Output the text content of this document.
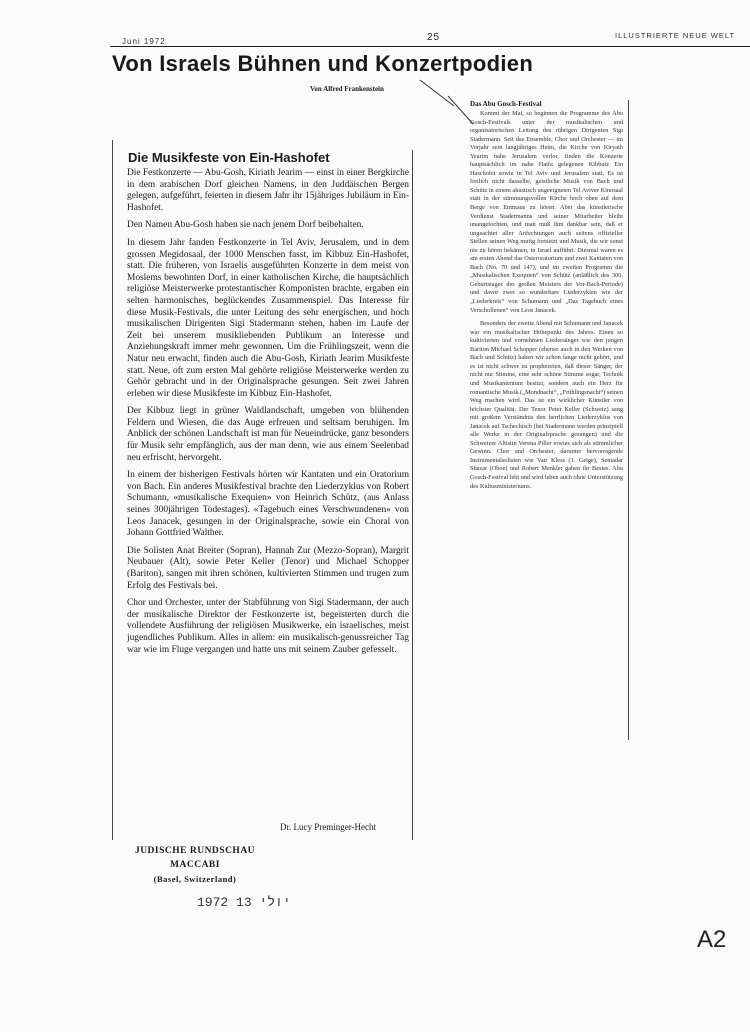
Juni 1972	25	ILLUSTRIERTE NEUE WELT
Von Israels Bühnen und Konzertpodien
Von Alfred Frankenstein
Die Musikfeste von Ein-Hashofet

Die Festkonzerte — Abu-Gosh, Kiriath Jearim — einst in einer Bergkirche in dem arabischen Dorf gleichen Namens, in den Juddäischen Bergen gelegen, aufgeführt, feierten in diesem Jahr ihr 15jähriges Jubiläum in Ein-Hashofet.

Den Namen Abu-Gosh haben sie nach jenem Dorf beibehalten.

In diesem Jahr fanden Festkonzerte in Tel Aviv, Jerusalem, und in dem grossen Megidosaal, der 1000 Menschen fasst, im Kibbuz Ein-Hashofet, statt. Die früheren, von Israelis ausgeführten Konzerte in dem meist von Moslems bewohnten Dorf, in einer katholischen Kirche, die hauptsächlich religiöse Meisterwerke protestantischer Komponisten brachte, ergaben ein selten harmonisches, beglückendes Zusammenspiel. Das Interesse für diese Musik-Festivals, die unter Leitung des sehr energischen, und hoch musikalischen Dirigenten Sigi Stadermann stehen, haben im Laufe der Zeit bei unserem musikliebenden Publikum an Interesse und Anziehungskraft immer mehr gewonnen. Um die Frühlingszeit, wenn die Natur neu erwacht, finden auch die Abu-Gosh, Kiriath Jearim Musikfeste statt. Neue, oft zum ersten Mal gehörte religiöse Meisterwerke werden zu Gehör gebracht und in der Originalsprache gesungen. Seit zwei Jahren erleben wir diese Musikfeste im Kibbuz Ein-Hashofet.

Der Kibbuz liegt in grüner Waldlandschaft, umgeben von blühenden Feldern und Wiesen, die das Auge erfreuen und seltsam beruhigen. Im Anblick der schönen Landschaft ist man für Neueindrücke, ganz besonders für Musik sehr empfänglich, aus der man denn, wie aus einem Seelenbad neu erfrischt, hervorgeht.

In einem der bisherigen Festivals hörten wir Kantaten und ein Oratorium von Bach. Ein anderes Musikfestival brachte den Liederzyklus von Robert Schumann, «musikalische Exequien» von Heinrich Schütz, (aus Anlass seines 300jährigen Todestages). «Tagebuch eines Verschwundenen» von Leos Janacek, gesungen in der Originalsprache, sowie ein Choral von Johann Gottfried Walther.

Die Solisten Anat Breiter (Sopran), Hannah Zur (Mezzo-Sopran), Margrit Neubauer (Alt), sowie Peter Keller (Tenor) und Michael Schopper (Bariton), sangen mit ihren schönen, kultivierten Stimmen und trugen zum Erfolg des Festivals bei.

Chor und Orchester, unter der Stabführung von Sigi Stadermann, der auch der musikalische Direktor der Festkonzerte ist, begeisterten durch die vollendete Ausführung der religiösen Musikwerke, ein israelisches, meist jugendliches Publikum. Alles in allem: ein musikalisch-genussreicher Tag war wie im Fluge vergangen und hatte uns mit seinem Zauber gefesselt.

Dr. Lucy Preminger-Hecht
JUDISCHE RUNDSCHAU
MACCABI
(Basel, Switzerland)
1972 יולי 13
Das Abu Gosch-Festival

Kommt der Mai, so beginnen die Programme des Abu Gosch-Festivals unter der musikalischen und organisatorischen Leitung des rührigen Dirigenten Sigi Stadermann. Seit das Ensemble, Chor und Orchester — im Vorjahr sein langjähriges Heim, die Kirche von Kiryath Yearim nahe Jerusalem verlor, finden die Konzerte hauptsächlich im nahe Haifa gelegenen Kibbutz Ein Haschofet sowie in Tel Aviv und Jerusalem statt. Es ist freilich nicht dasselbe, geistliche Musik von Bach und Schütz in einem akustisch ungeeigneten Tel Aviver Kinosaal statt in der stimmungsvollen Kirche hoch oben auf dem Berge von Emmaus zu hören. Aber das künstlerische Verdienst Stadermanns und seiner Mitarbeiter bleibt unangefochten, und man muß ihm dankbar sein, daß er ungeachtet aller Anfechtungen auch seitens offizieller Stellen seinen Weg mutig fortsetzt und Musik, die wir sonst nie zu hören bekämen, in Israel aufführt. Diesmal waren es am ersten Abend das Osteroratorium und zwei Kantaten von Bach (No. 70 und 147), und im zweiten Programm die „Musikalischen Exequien“ von Schütz (anläßlich des 300. Geburtstages des großen Meisters der Vor-Bach-Periode) und davor zwei so wunderbare Liederzyklen wie der „Liederkreis“ von Schumann und „Das Tagebuch eines Verschollenen“ von Leos Janacek.

Besonders der zweite Abend mit Schumann und Janacek war ein musikalischer Höhepunkt des Jahres. Einen so kultivierten und vornehmen Liedersänger wie den jungen Bariton Michael Schopper (ebenso auch in den Werken von Bach und Schütz) haben wir schon lange nicht gehört, und es ist nicht schwer zu prophezeien, daß dieser Sänger, der nicht nur Stimme, eine sehr schöne Stimme sogar, Technik und Musikantentum besitzt, sondern auch ein Herz für romantische Musik („Mondnacht“, „Frühlingsnacht“) seinen Weg machen wird. Das ist ein wirklicher Künstler von höchster Qualität. Der Tenor Peter Keller (Schweiz) sang mit großem Verständnis den herrlichen Liederzyklus von Janacek auf Tschechisch (bei Stadermann werden prinzipiell alle Werke in der Originalsprache gesungen) und die Schweizer Altistin Verena Piller erwies sich als stimmlicher Gewinn. Chor und Orchester, darunter hervorragende Instrumentalsolisten wie Vair Kless (1. Geige), Semadar Shazar (Oboe) und Robert Menkler gaben ihr Bestes. Abu Gosch-Festival lebt und wird leben auch ohne Unterstützung des Kultusministeriums.

A2
